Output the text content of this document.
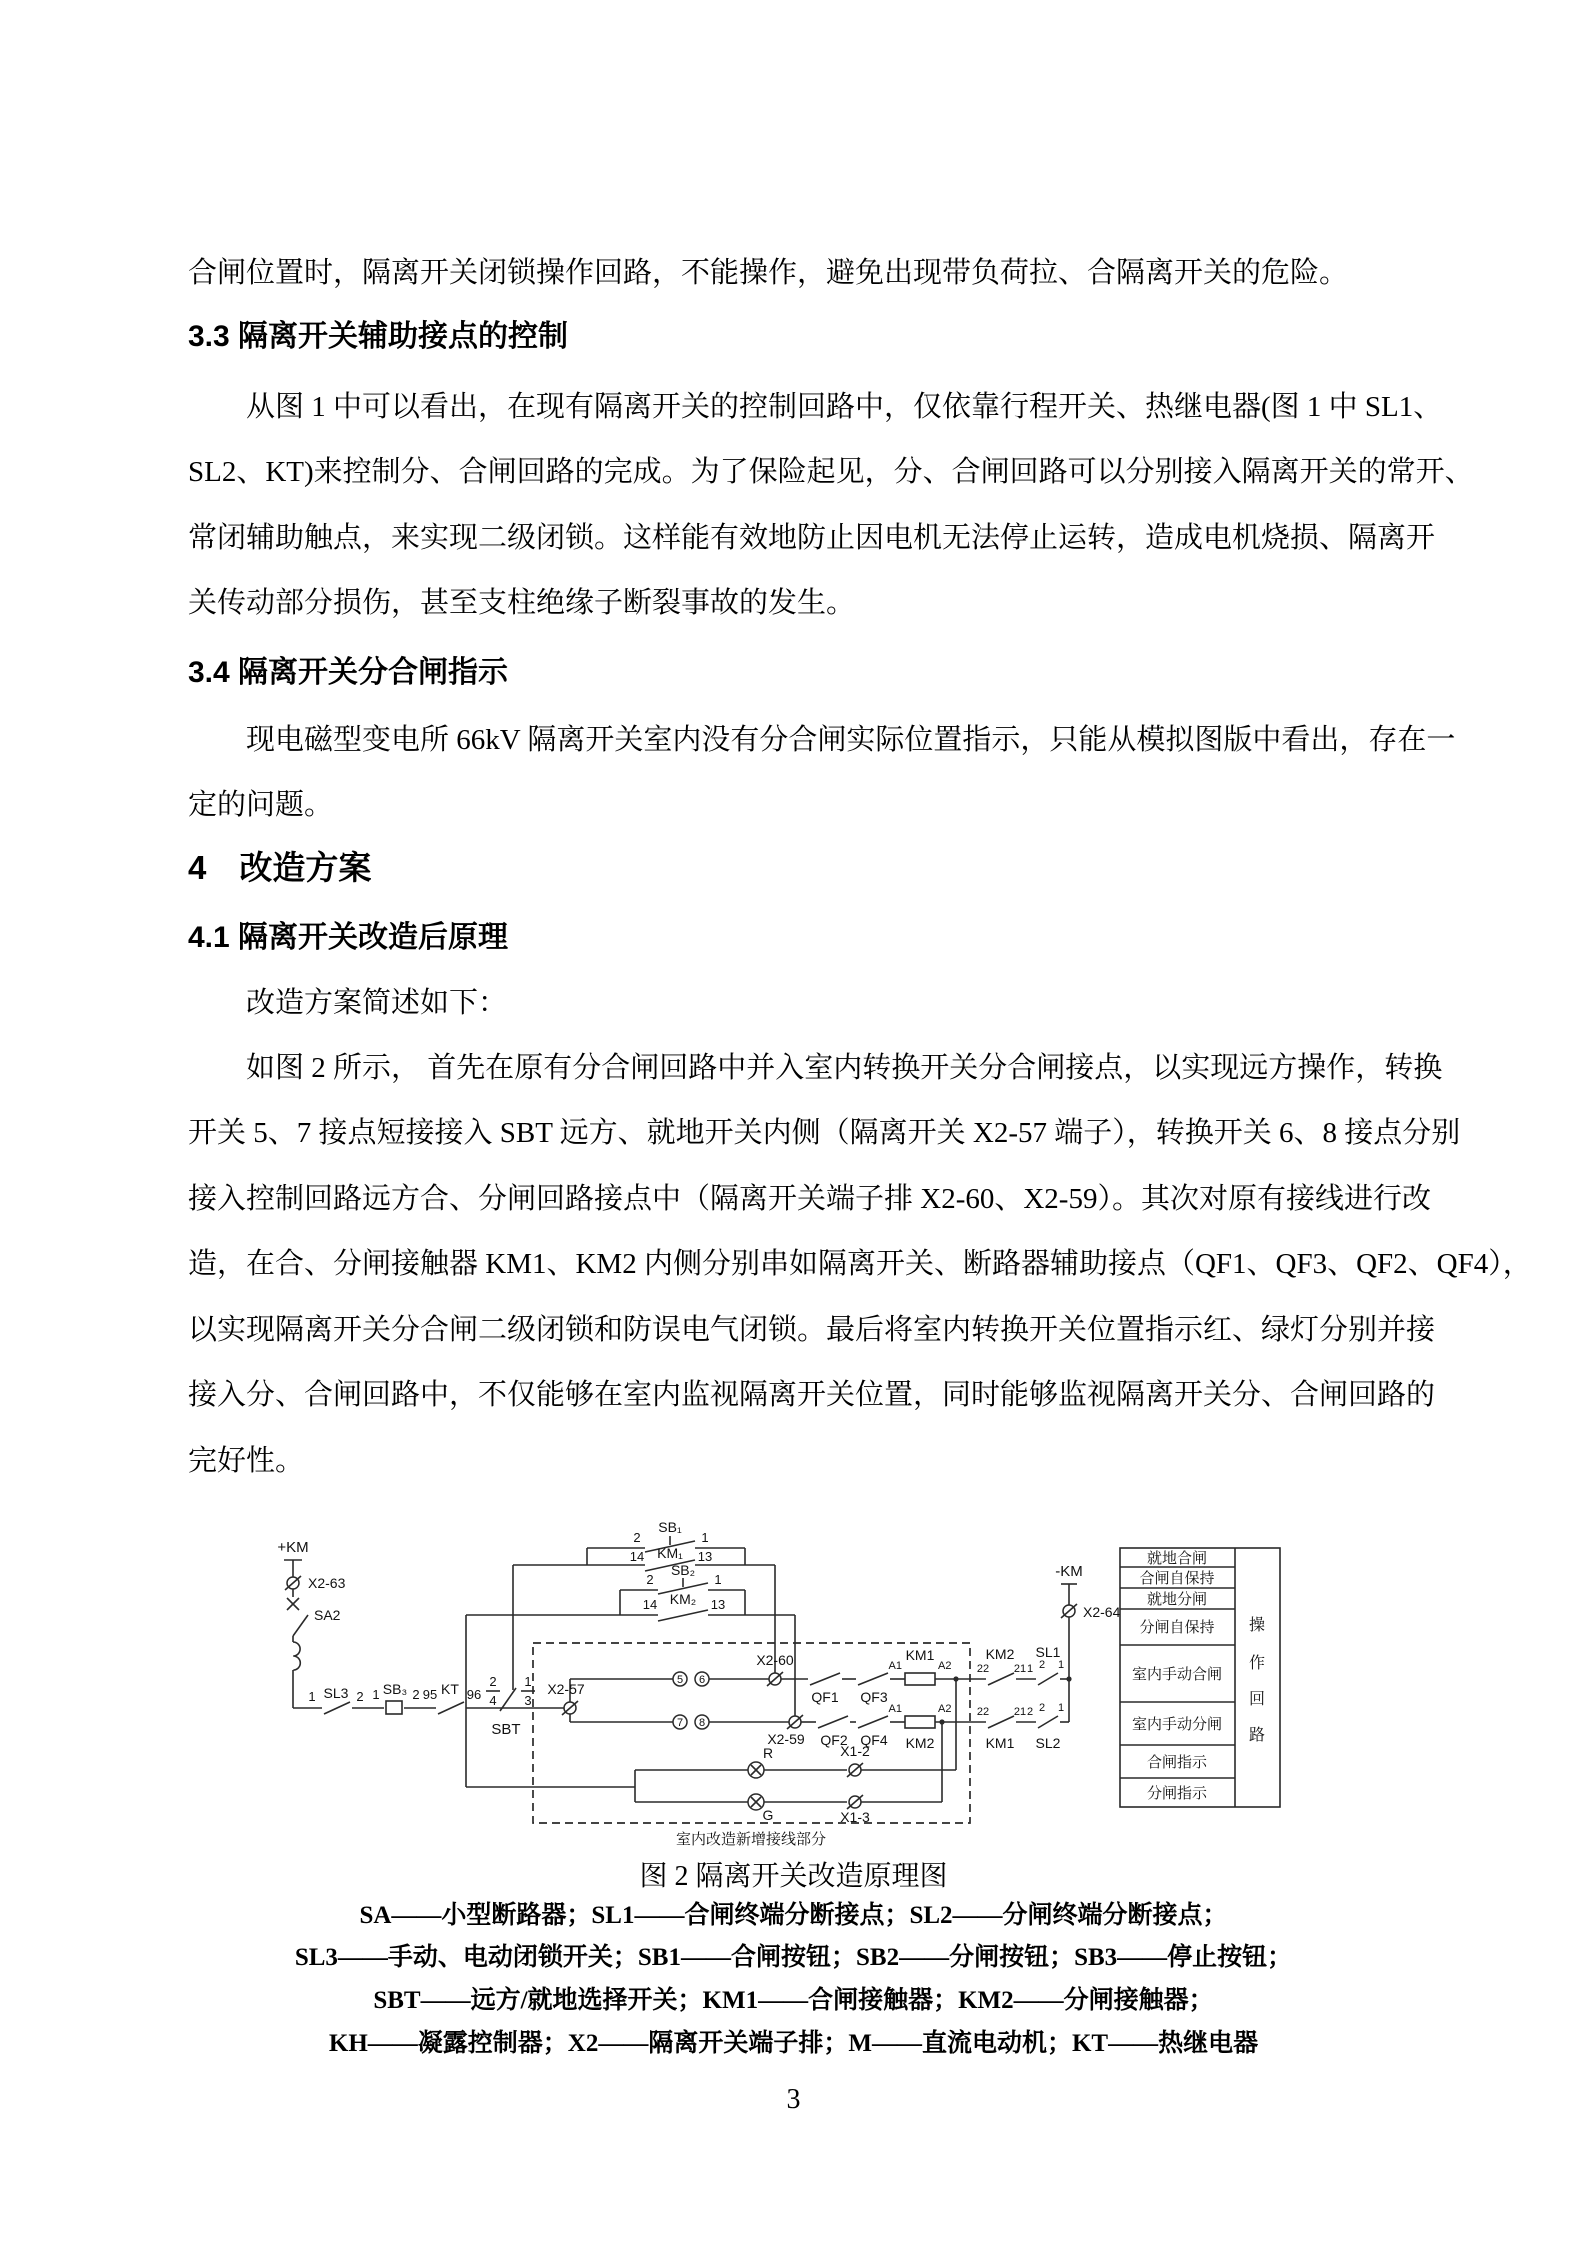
合闸位置时，隔离开关闭锁操作回路，不能操作，避免出现带负荷拉、合隔离开关的危险。
3.3 隔离开关辅助接点的控制
从图 1 中可以看出，在现有隔离开关的控制回路中，仅依靠行程开关、热继电器(图 1 中 SL1、
SL2、KT)来控制分、合闸回路的完成。为了保险起见，分、合闸回路可以分别接入隔离开关的常开、
常闭辅助触点，来实现二级闭锁。这样能有效地防止因电机无法停止运转，造成电机烧损、隔离开
关传动部分损伤，甚至支柱绝缘子断裂事故的发生。
3.4 隔离开关分合闸指示
现电磁型变电所 66kV 隔离开关室内没有分合闸实际位置指示，只能从模拟图版中看出，存在一
定的问题。
4　改造方案
4.1 隔离开关改造后原理
改造方案简述如下：
如图 2 所示， 首先在原有分合闸回路中并入室内转换开关分合闸接点，以实现远方操作，转换
开关 5、7 接点短接接入 SBT 远方、就地开关内侧（隔离开关 X2-57 端子），转换开关 6、8 接点分别
接入控制回路远方合、分闸回路接点中（隔离开关端子排 X2-60、X2-59）。其次对原有接线进行改
造，在合、分闸接触器 KM1、KM2 内侧分别串如隔离开关、断路器辅助接点（QF1、QF3、QF2、QF4），
以实现隔离开关分合闸二级闭锁和防误电气闭锁。最后将室内转换开关位置指示红、绿灯分别并接
接入分、合闸回路中，不仅能够在室内监视隔离开关位置，同时能够监视隔离开关分、合闸回路的
完好性。
+KM
X2-63
SA2
1 SL3 2 1 SB₃ 2 95 KT 96
2
4
1
3
SBT
X2-57
2
SB₁
1
14 KM₁ 13
2
SB₂
1
14 KM₂ 13
室内改造新增接线部分
5 6
X2-60
QF1 QF3
A1	A2
KM1
22 21
KM2
1 2 1
SL1
7 8
X2-59 QF2 QF4
A1	A2
KM2
22 21
KM1
2 2 1
SL2
-KM
X2-64
R	X1-2
G	X1-3
就地合闸
合闸自保持
就地分闸
分闸自保持
室内手动合闸
室内手动分闸
合闸指示
分闸指示
操
作
回
路
图 2 隔离开关改造原理图
SA——小型断路器；SL1——合闸终端分断接点；SL2——分闸终端分断接点；
SL3——手动、电动闭锁开关；SB1——合闸按钮；SB2——分闸按钮；SB3——停止按钮；
SBT——远方/就地选择开关；KM1——合闸接触器；KM2——分闸接触器；
KH——凝露控制器；X2——隔离开关端子排；M——直流电动机；KT——热继电器
3
